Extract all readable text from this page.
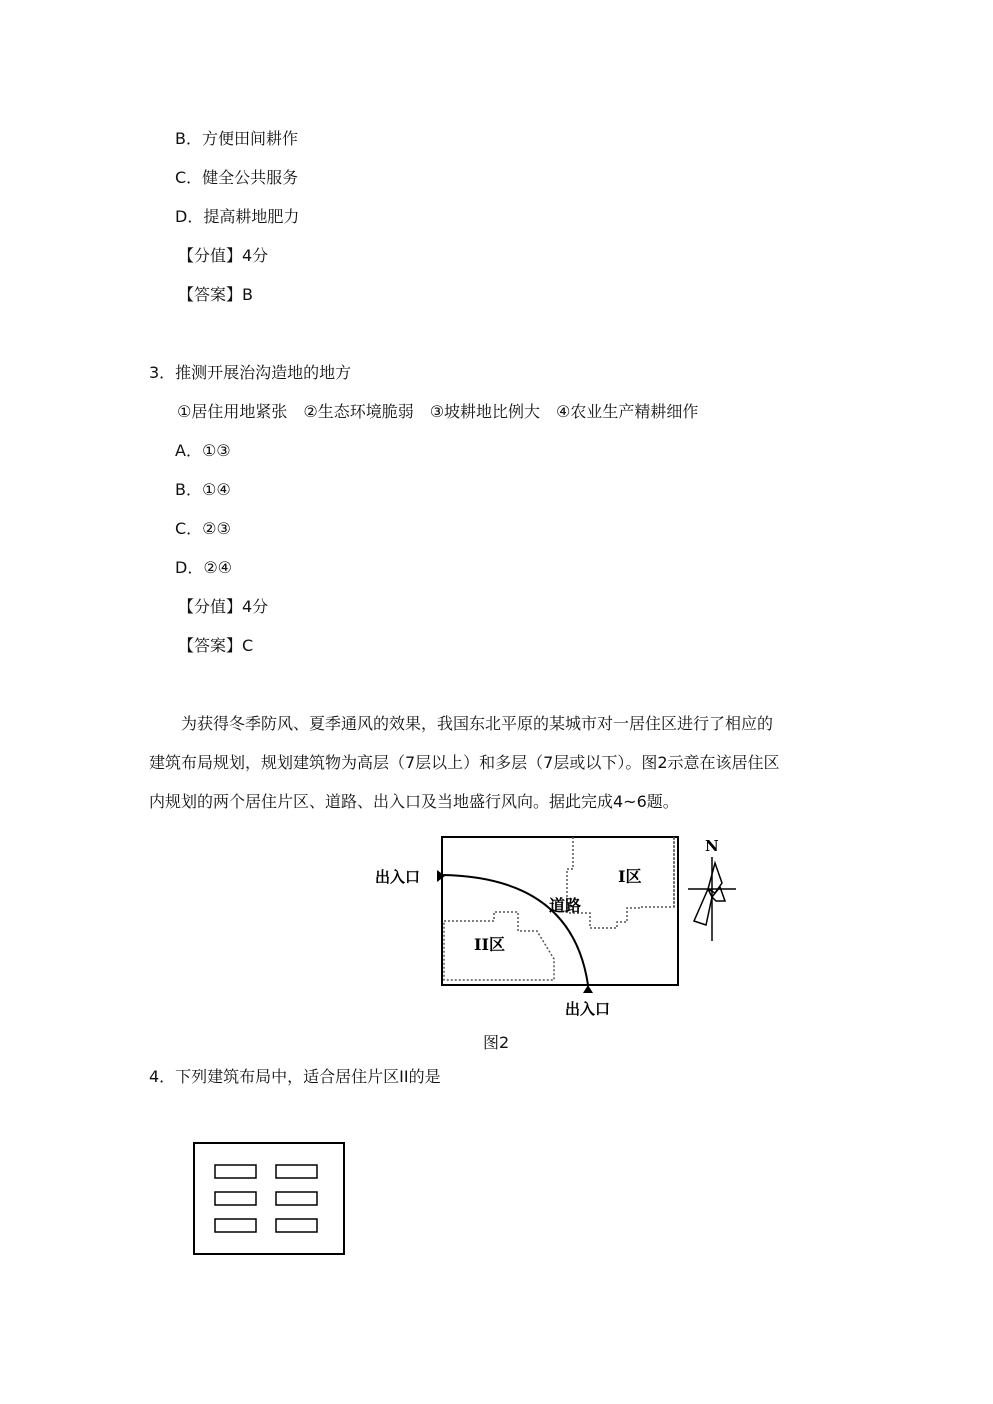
B．方便田间耕作
C．健全公共服务
D．提高耕地肥力
【分值】4分
【答案】B
3．推测开展治沟造地的地方
①居住用地紧张　②生态环境脆弱　③坡耕地比例大　④农业生产精耕细作
A．①③
B．①④
C．②③
D．②④
【分值】4分
【答案】C
　　为获得冬季防风、夏季通风的效果，我国东北平原的某城市对一居住区进行了相应的
建筑布局规划，规划建筑物为高层（7层以上）和多层（7层或以下）。图2示意在该居住区
内规划的两个居住片区、道路、出入口及当地盛行风向。据此完成4~6题。
出入口
出入口
道路
I区
II区
N
图2
4．下列建筑布局中，适合居住片区II的是
